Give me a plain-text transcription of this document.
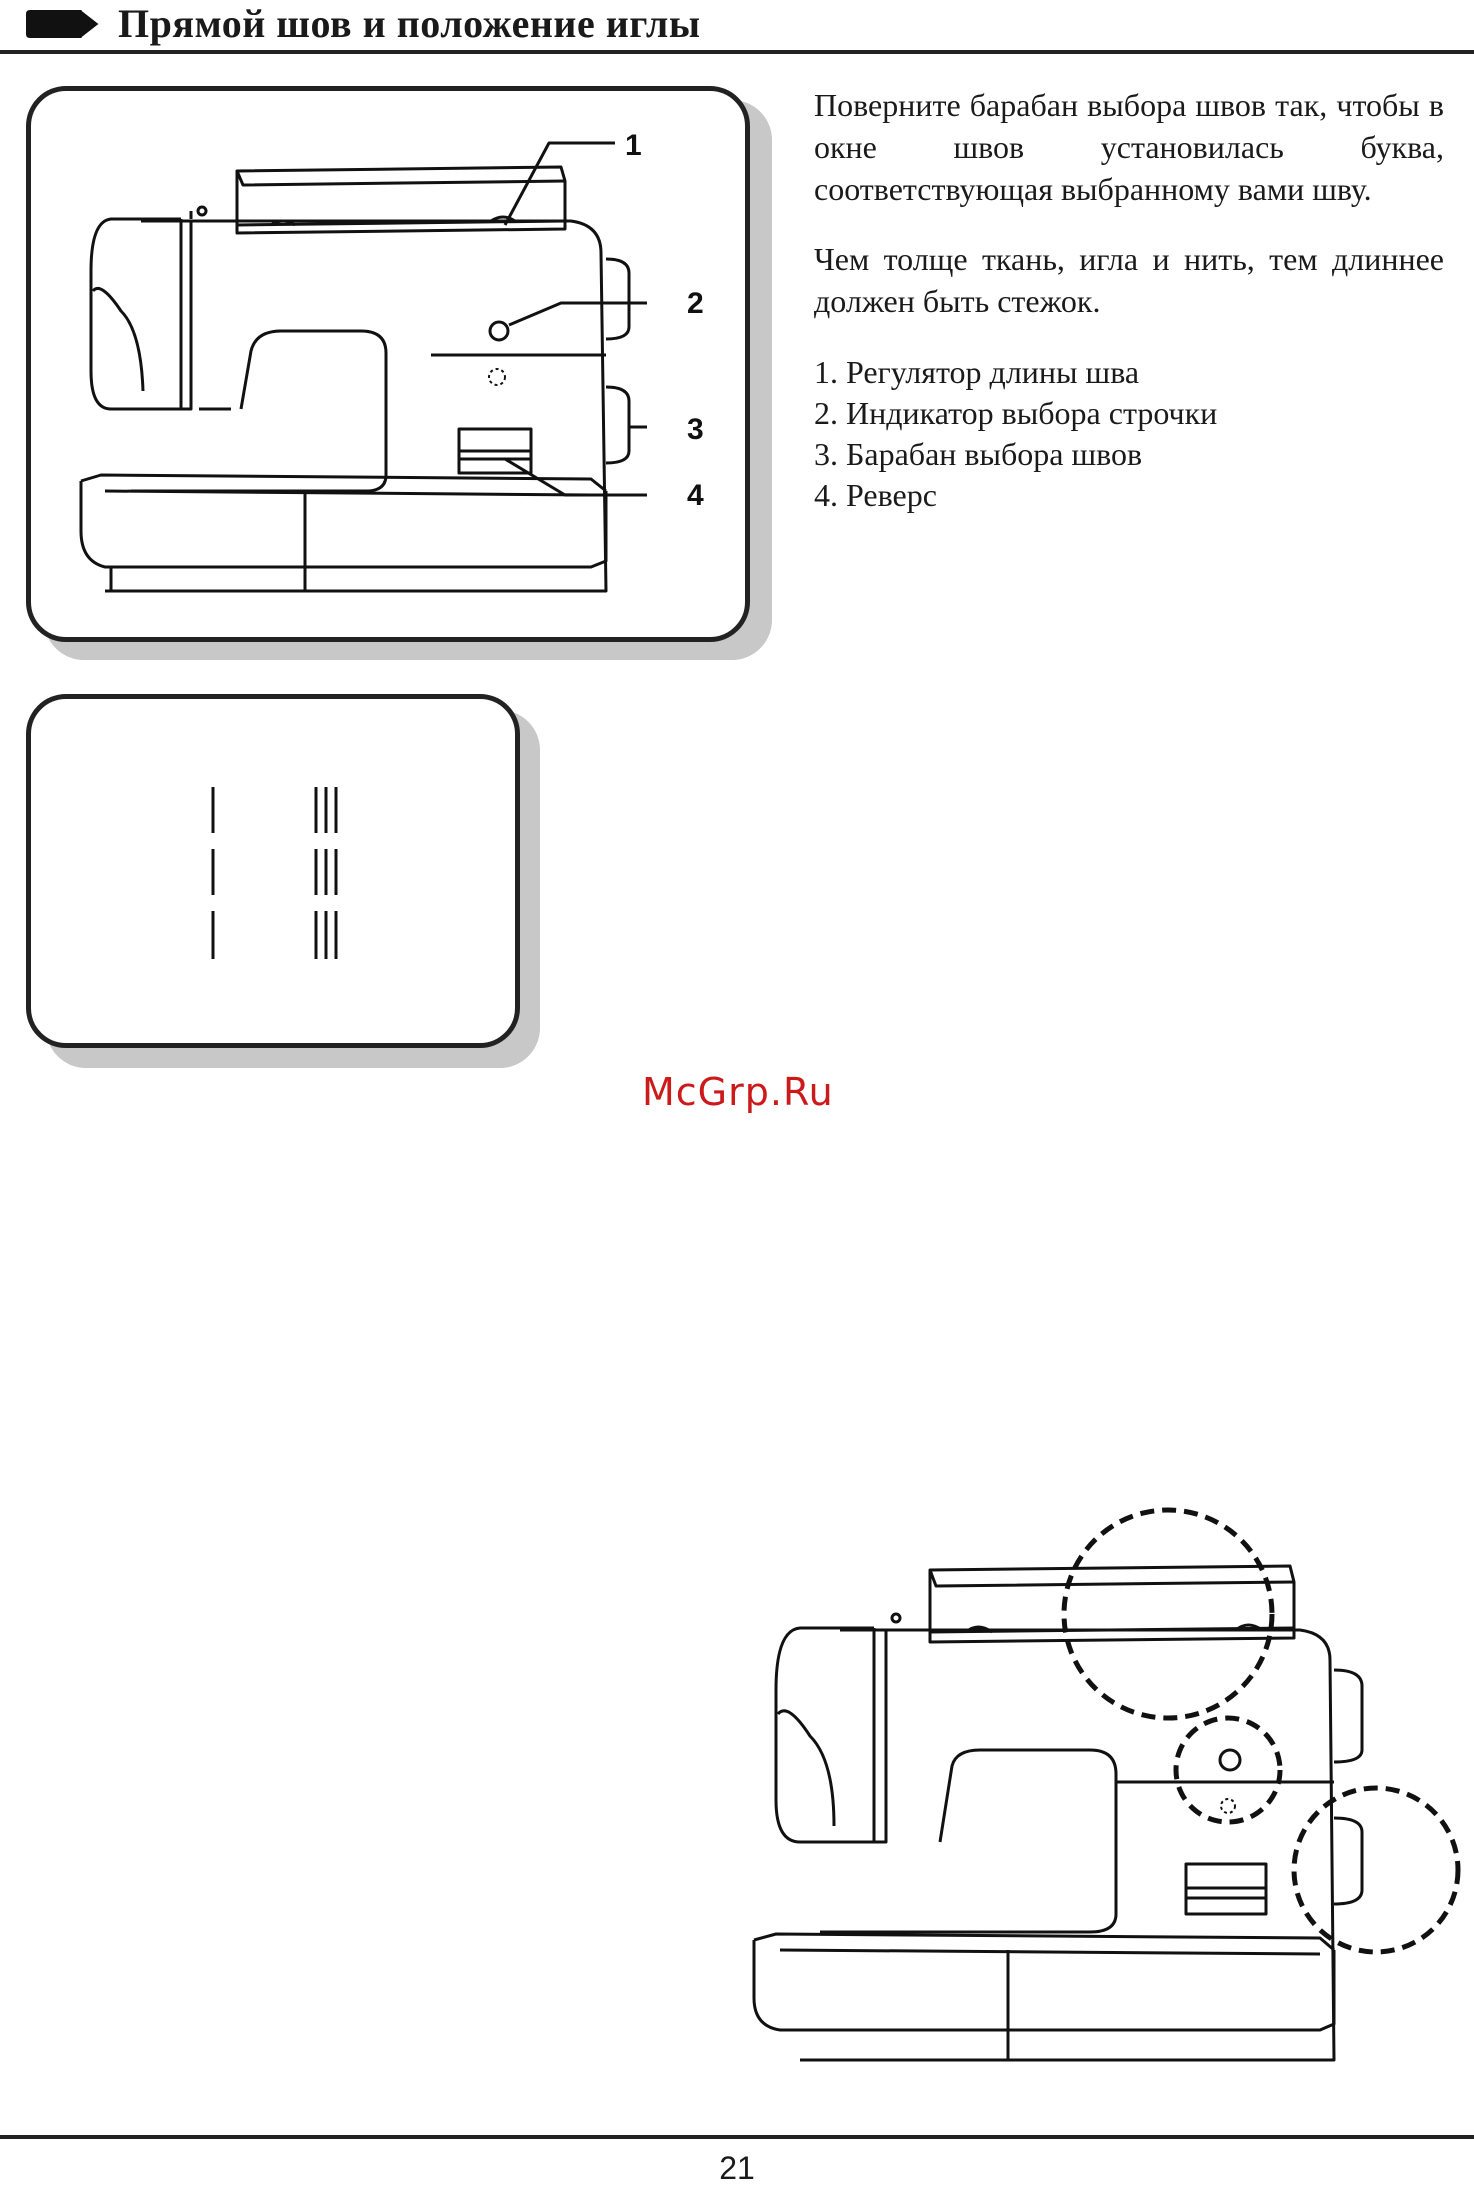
Прямой шов и положение иглы
1
2
3
4

Поверните барабан выбора швов так, чтобы в окне швов установилась буква, соответствующая выбранному вами шву.

Чем толще ткань, игла и нить, тем длиннее должен быть стежок.

1. Регулятор длины шва
2. Индикатор выбора строчки
3. Барабан выбора швов
4. Реверс
McGrp.Ru
21
